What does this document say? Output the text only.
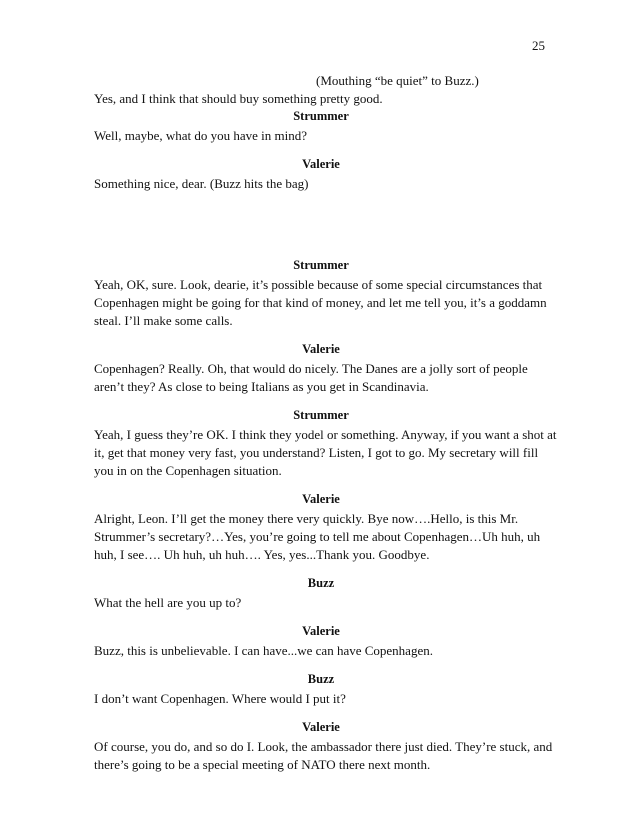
25

(Mouthing “be quiet” to Buzz.)

Yes, and I think that should buy something pretty good.

Strummer

Well, maybe, what do you have in mind?

Valerie

Something nice, dear. (Buzz hits the bag)

Strummer

Yeah, OK, sure. Look, dearie, it’s possible because of some special circumstances that
Copenhagen might be going for that kind of money, and let me tell you, it’s a goddamn
steal. I’ll make some calls.

Valerie

Copenhagen? Really. Oh, that would do nicely. The Danes are a jolly sort of people
aren’t they? As close to being Italians as you get in Scandinavia.

Strummer

Yeah, I guess they’re OK. I think they yodel or something. Anyway, if you want a shot at
it, get that money very fast, you understand? Listen, I got to go. My secretary will fill
you in on the Copenhagen situation.

Valerie

Alright, Leon. I’ll get the money there very quickly. Bye now….Hello, is this Mr.
Strummer’s secretary?…Yes, you’re going to tell me about Copenhagen…Uh huh, uh
huh, I see…. Uh huh, uh huh…. Yes, yes...Thank you. Goodbye.

Buzz

What the hell are you up to?

Valerie

Buzz, this is unbelievable. I can have...we can have Copenhagen.

Buzz

I don’t want Copenhagen. Where would I put it?

Valerie

Of course, you do, and so do I. Look, the ambassador there just died. They’re stuck, and
there’s going to be a special meeting of NATO there next month.
